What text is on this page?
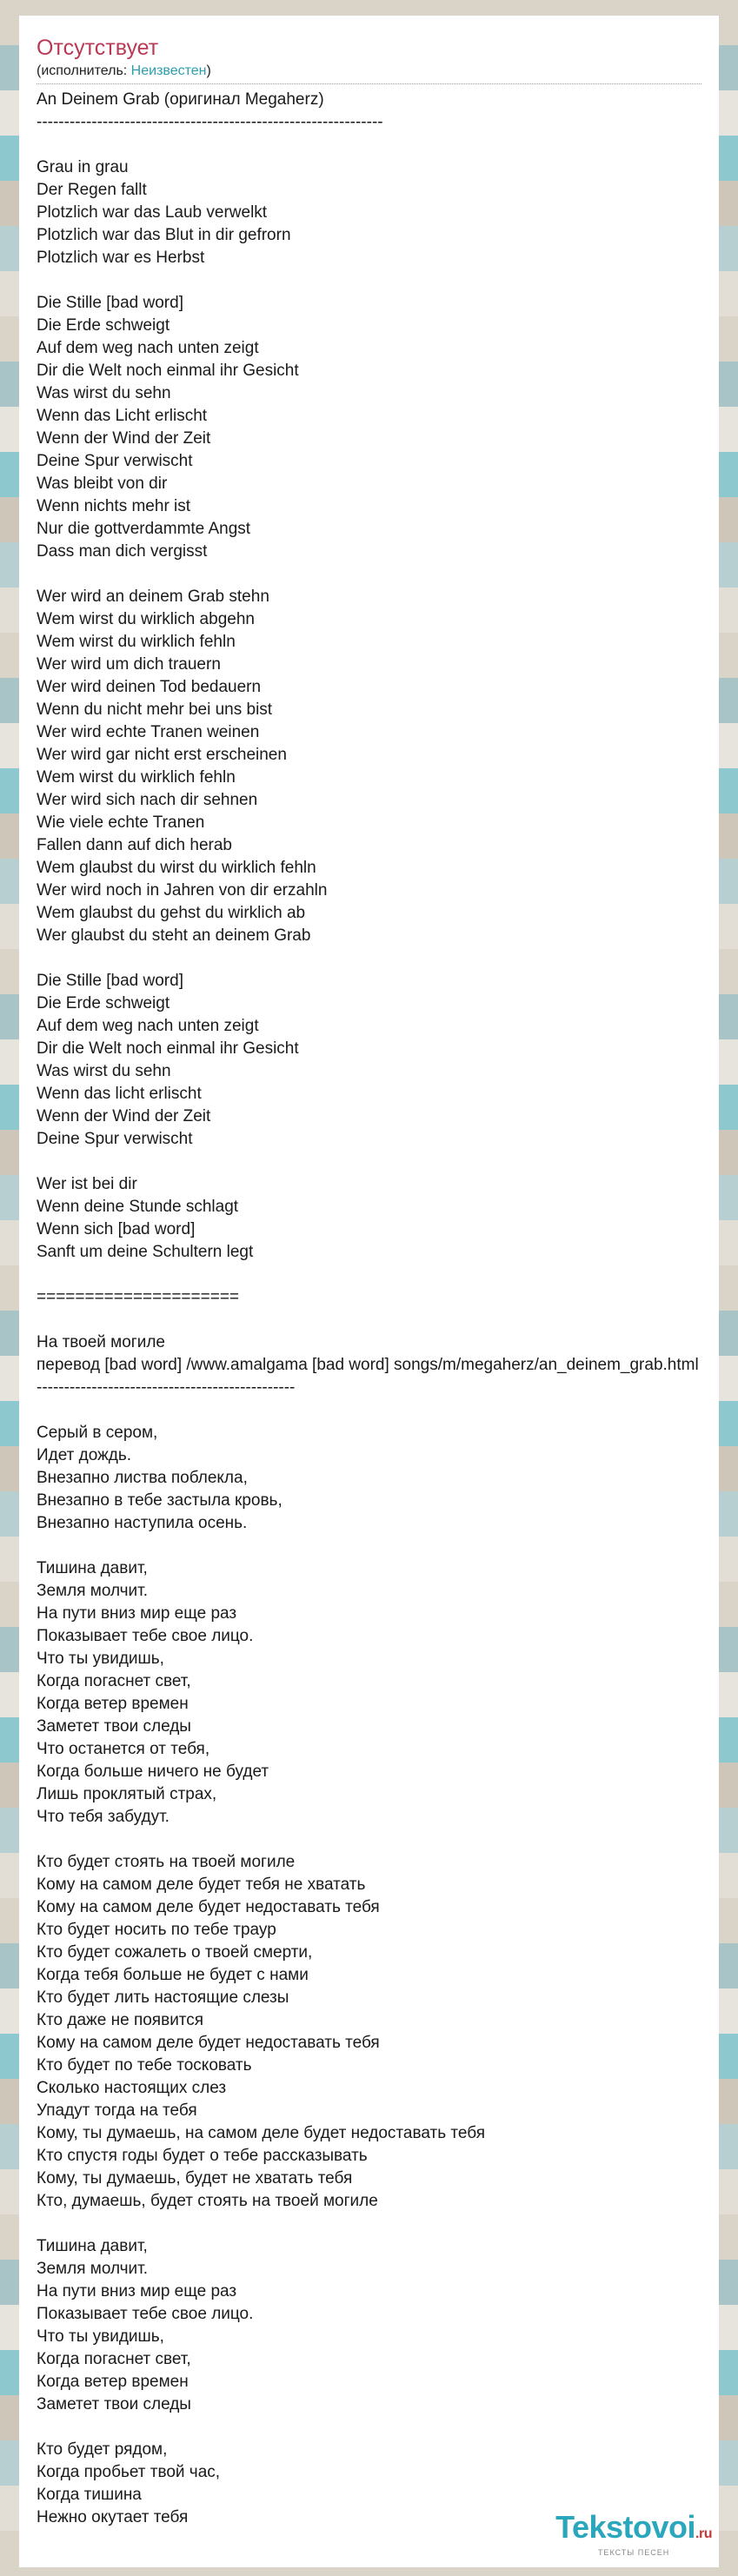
Отсутствует
(исполнитель: Неизвестен)
An Deinem Grab (оригинал Megaherz)
---------------------------------------------------------------
Grau in grau
Der Regen fallt
Plotzlich war das Laub verwelkt
Plotzlich war das Blut in dir gefrorn
Plotzlich war es Herbst
Die Stille [bad word]
Die Erde schweigt
Auf dem weg nach unten zeigt
Dir die Welt noch einmal ihr Gesicht
Was wirst du sehn
Wenn das Licht erlischt
Wenn der Wind der Zeit
Deine Spur verwischt
Was bleibt von dir
Wenn nichts mehr ist
Nur die gottverdammte Angst
Dass man dich vergisst
Wer wird an deinem Grab stehn
Wem wirst du wirklich abgehn
Wem wirst du wirklich fehln
Wer wird um dich trauern
Wer wird deinen Tod bedauern
Wenn du nicht mehr bei uns bist
Wer wird echte Tranen weinen
Wer wird gar nicht erst erscheinen
Wem wirst du wirklich fehln
Wer wird sich nach dir sehnen
Wie viele echte Tranen
Fallen dann auf dich herab
Wem glaubst du wirst du wirklich fehln
Wer wird noch in Jahren von dir erzahln
Wem glaubst du gehst du wirklich ab
Wer glaubst du steht an deinem Grab
Die Stille [bad word]
Die Erde schweigt
Auf dem weg nach unten zeigt
Dir die Welt noch einmal ihr Gesicht
Was wirst du sehn
Wenn das licht erlischt
Wenn der Wind der Zeit
Deine Spur verwischt
Wer ist bei dir
Wenn deine Stunde schlagt
Wenn sich [bad word]
Sanft um deine Schultern legt
=====================
На твоей могиле
перевод [bad word] /www.amalgama [bad word] songs/m/megaherz/an_deinem_grab.html
-----------------------------------------------
Серый в сером,
Идет дождь.
Внезапно листва поблекла,
Внезапно в тебе застыла кровь,
Внезапно наступила осень.
Тишина давит,
Земля молчит.
На пути вниз мир еще раз
Показывает тебе свое лицо.
Что ты увидишь,
Когда погаснет свет,
Когда ветер времен
Заметет твои следы
Что останется от тебя,
Когда больше ничего не будет
Лишь проклятый страх,
Что тебя забудут.
Кто будет стоять на твоей могиле
Кому на самом деле будет тебя не хватать
Кому на самом деле будет недоставать тебя
Кто будет носить по тебе траур
Кто будет сожалеть о твоей смерти,
Когда тебя больше не будет с нами
Кто будет лить настоящие слезы
Кто даже не появится
Кому на самом деле будет недоставать тебя
Кто будет по тебе тосковать
Сколько настоящих слез
Упадут тогда на тебя
Кому, ты думаешь, на самом деле будет недоставать тебя
Кто спустя годы будет о тебе рассказывать
Кому, ты думаешь, будет не хватать тебя
Кто, думаешь, будет стоять на твоей могиле
Тишина давит,
Земля молчит.
На пути вниз мир еще раз
Показывает тебе свое лицо.
Что ты увидишь,
Когда погаснет свет,
Когда ветер времен
Заметет твои следы
Кто будет рядом,
Когда пробьет твой час,
Когда тишина
Нежно окутает тебя	Tekstovoi.ru
ТЕКСТЫ ПЕСЕН
